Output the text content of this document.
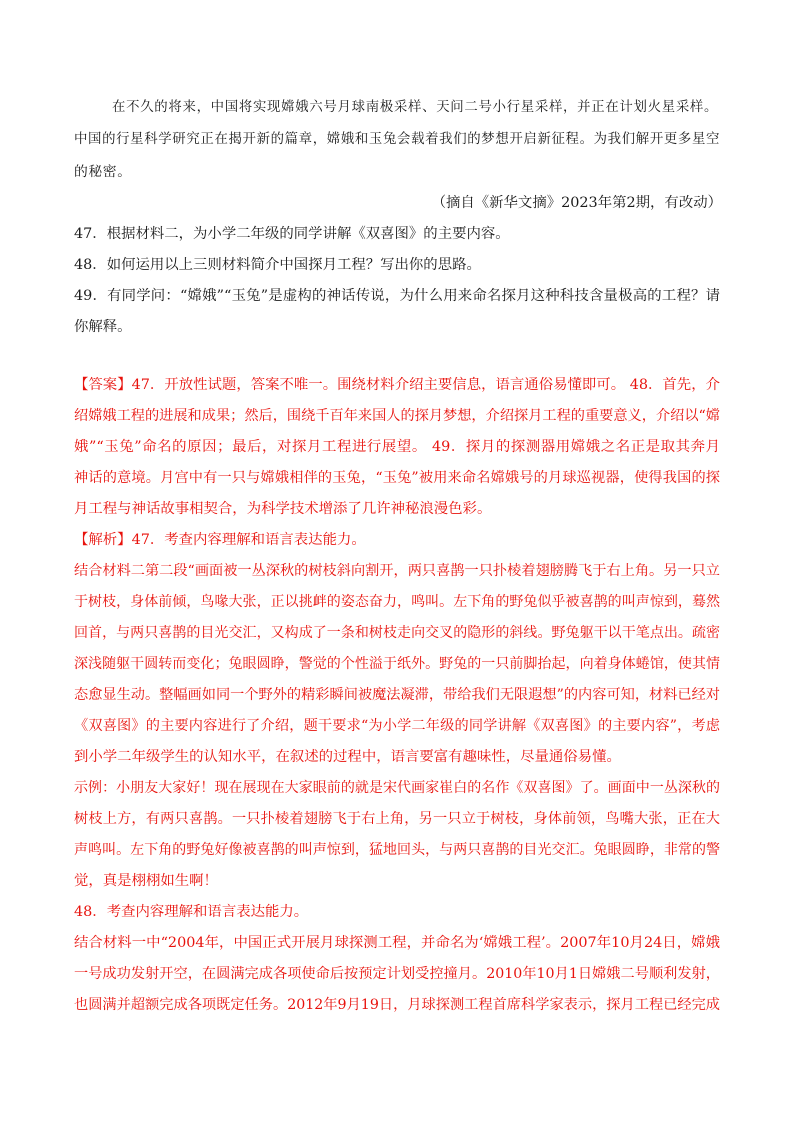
在不久的将来，中国将实现嫦娥六号月球南极采样、天问二号小行星采样，并正在计划火星采样。
中国的行星科学研究正在揭开新的篇章，嫦娥和玉兔会载着我们的梦想开启新征程。为我们解开更多星空
的秘密。
（摘自《新华文摘》2023年第2期，有改动）
47．根据材料二，为小学二年级的同学讲解《双喜图》的主要内容。
48．如何运用以上三则材料简介中国探月工程？写出你的思路。
49．有同学问：“嫦娥”“玉兔”是虚构的神话传说，为什么用来命名探月这种科技含量极高的工程？请
你解释。
【答案】47．开放性试题，答案不唯一。围绕材料介绍主要信息，语言通俗易懂即可。 48．首先，介
绍嫦娥工程的进展和成果；然后，围绕千百年来国人的探月梦想，介绍探月工程的重要意义，介绍以“嫦
娥”“玉兔”命名的原因；最后，对探月工程进行展望。 49．探月的探测器用嫦娥之名正是取其奔月
神话的意境。月宫中有一只与嫦娥相伴的玉兔，“玉兔”被用来命名嫦娥号的月球巡视器，使得我国的探
月工程与神话故事相契合，为科学技术增添了几许神秘浪漫色彩。
【解析】47．考查内容理解和语言表达能力。
结合材料二第二段“画面被一丛深秋的树枝斜向割开，两只喜鹊一只扑棱着翅膀腾飞于右上角。另一只立
于树枝，身体前倾，鸟喙大张，正以挑衅的姿态奋力，鸣叫。左下角的野兔似乎被喜鹊的叫声惊到，蓦然
回首，与两只喜鹊的目光交汇，又构成了一条和树枝走向交叉的隐形的斜线。野兔躯干以干笔点出。疏密
深浅随躯干圆转而变化；兔眼圆睁，警觉的个性溢于纸外。野兔的一只前脚抬起，向着身体蜷馆，使其情
态愈显生动。整幅画如同一个野外的精彩瞬间被魔法凝滞，带给我们无限遐想”的内容可知，材料已经对
《双喜图》的主要内容进行了介绍，题干要求“为小学二年级的同学讲解《双喜图》的主要内容”，考虑
到小学二年级学生的认知水平，在叙述的过程中，语言要富有趣味性，尽量通俗易懂。
示例：小朋友大家好！现在展现在大家眼前的就是宋代画家崔白的名作《双喜图》了。画面中一丛深秋的
树枝上方，有两只喜鹊。一只扑棱着翅膀飞于右上角，另一只立于树枝，身体前领，鸟嘴大张，正在大
声鸣叫。左下角的野兔好像被喜鹊的叫声惊到，猛地回头，与两只喜鹊的目光交汇。兔眼圆睁，非常的警
觉，真是栩栩如生啊！
48．考查内容理解和语言表达能力。
结合材料一中“2004年，中国正式开展月球探测工程，并命名为‘嫦娥工程’。2007年10月24日，嫦娥
一号成功发射开空，在圆满完成各项使命后按预定计划受控撞月。2010年10月1日嫦娥二号顺利发射，
也圆满并超额完成各项既定任务。2012年9月19日，月球探测工程首席科学家表示，探月工程已经完成
